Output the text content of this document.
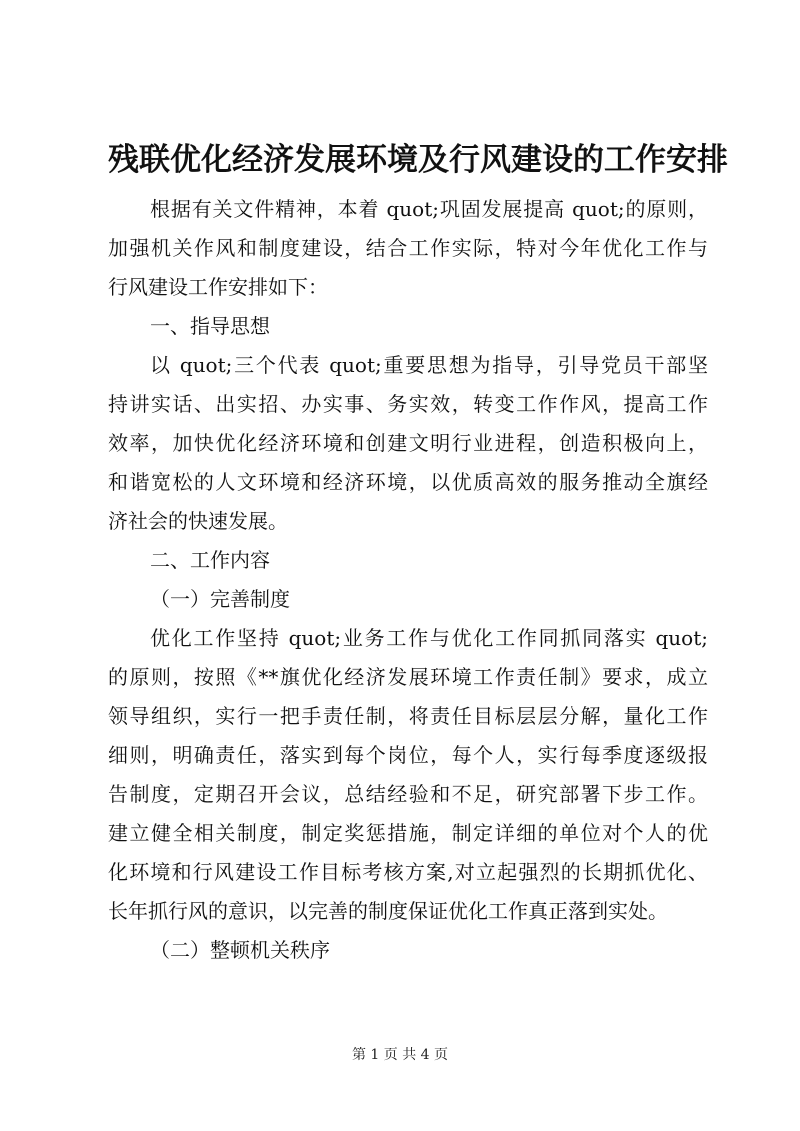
残联优化经济发展环境及行风建设的工作安排
根据有关文件精神，本着 quot;巩固发展提高 quot;的原则，
加强机关作风和制度建设，结合工作实际，特对今年优化工作与
行风建设工作安排如下：
一、指导思想
以 quot;三个代表 quot;重要思想为指导，引导党员干部坚
持讲实话、出实招、办实事、务实效，转变工作作风，提高工作
效率，加快优化经济环境和创建文明行业进程，创造积极向上，
和谐宽松的人文环境和经济环境，以优质高效的服务推动全旗经
济社会的快速发展。
二、工作内容
（一）完善制度
优化工作坚持 quot;业务工作与优化工作同抓同落实 quot;
的原则，按照《**旗优化经济发展环境工作责任制》要求，成立
领导组织，实行一把手责任制，将责任目标层层分解，量化工作
细则，明确责任，落实到每个岗位，每个人，实行每季度逐级报
告制度，定期召开会议，总结经验和不足，研究部署下步工作。
建立健全相关制度，制定奖惩措施，制定详细的单位对个人的优
化环境和行风建设工作目标考核方案,对立起强烈的长期抓优化、
长年抓行风的意识，以完善的制度保证优化工作真正落到实处。
（二）整顿机关秩序
第 1 页 共 4 页
